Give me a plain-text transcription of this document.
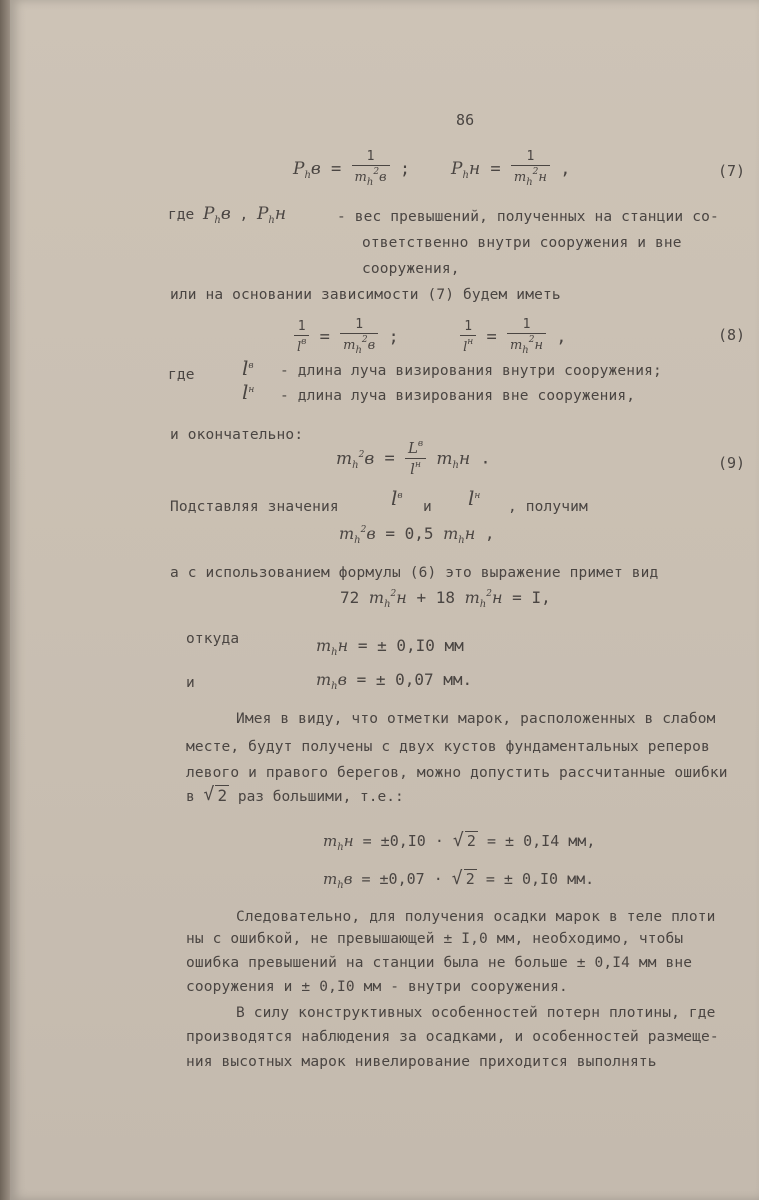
86
$P_hв = \frac{1}{m_h^2в}$ ;    $P_hн = \frac{1}{m_h^2н}$ ,	(7)
где $P_hв$ , $P_hн$	- вес превышений, полученных на станции со-
ответственно внутри сооружения и вне
сооружения,
или на основании зависимости (7) будем иметь
$\frac{1}{l^в} = \frac{1}{m_h^2в}$ ; $\frac{1}{l^н} = \frac{1}{m_h^2н}$ ,	(8)
где $l^в$ - длина луча визирования внутри сооружения;
$l^н$ - длина луча визирования вне сооружения,
и окончательно:
$m_h^2в = \frac{L^в}{l^н} m_hн$ .	(9)
Подставляя значения	$l^в$
и $l^н$
, получим
$m_h^2в = 0,5$ $m_hн$ ,
а с использованием формулы (6) это выражение примет вид
72 $m_h^2н + 18$ $m_h^2н = I$,
откуда	$m_hн$ = ± 0,I0 мм
и	$m_hв$ = ± 0,07 мм.
Имея в виду, что отметки марок, расположенных в слабом
месте, будут получены с двух кустов фундаментальных реперов
левого и правого берегов, можно допустить рассчитанные ошибки
в √ 2 раз большими, т.е.:
$m_hн = \pm 0,I0$ · √ 2 = ± 0,I4 мм,
$m_hв = \pm 0,07$ · √ 2 = ± 0,I0 мм.
Следовательно, для получения осадки марок в теле плоти
ны с ошибкой, не превышающей ± I,0 мм, необходимо, чтобы
ошибка превышений на станции была не больше ± 0,I4 мм вне
сооружения и ± 0,I0 мм - внутри сооружения.
В силу конструктивных особенностей потерн плотины, где
производятся наблюдения за осадками, и особенностей размеще-
ния высотных марок нивелирование приходится выполнять
